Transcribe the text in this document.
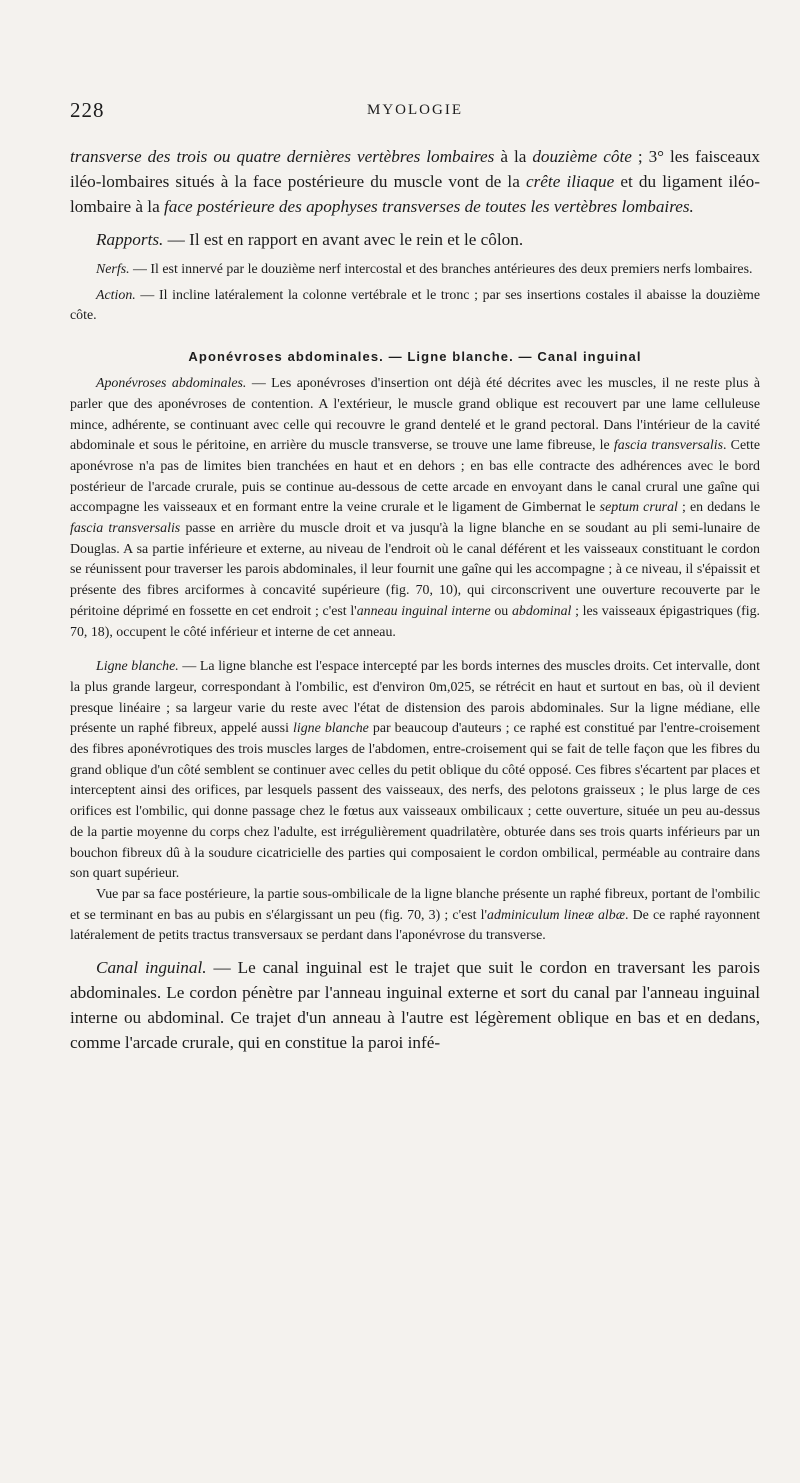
228	MYOLOGIE

transverse des trois ou quatre dernières vertèbres lombaires à la douzième côte ; 3° les faisceaux iléo-lombaires situés à la face postérieure du muscle vont de la crête iliaque et du ligament iléo-lombaire à la face postérieure des apophyses transverses de toutes les vertèbres lombaires.

Rapports. — Il est en rapport en avant avec le rein et le côlon.

Nerfs. — Il est innervé par le douzième nerf intercostal et des branches antérieures des deux premiers nerfs lombaires.

Action. — Il incline latéralement la colonne vertébrale et le tronc ; par ses insertions costales il abaisse la douzième côte.

Aponévroses abdominales. — Ligne blanche. — Canal inguinal

Aponévroses abdominales. — Les aponévroses d'insertion ont déjà été décrites avec les muscles, il ne reste plus à parler que des aponévroses de contention. A l'extérieur, le muscle grand oblique est recouvert par une lame celluleuse mince, adhérente, se continuant avec celle qui recouvre le grand dentelé et le grand pectoral. Dans l'intérieur de la cavité abdominale et sous le péritoine, en arrière du muscle transverse, se trouve une lame fibreuse, le fascia transversalis. Cette aponévrose n'a pas de limites bien tranchées en haut et en dehors ; en bas elle contracte des adhérences avec le bord postérieur de l'arcade crurale, puis se continue au-dessous de cette arcade en envoyant dans le canal crural une gaîne qui accompagne les vaisseaux et en formant entre la veine crurale et le ligament de Gimbernat le septum crural ; en dedans le fascia transversalis passe en arrière du muscle droit et va jusqu'à la ligne blanche en se soudant au pli semi-lunaire de Douglas. A sa partie inférieure et externe, au niveau de l'endroit où le canal déférent et les vaisseaux constituant le cordon se réunissent pour traverser les parois abdominales, il leur fournit une gaîne qui les accompagne ; à ce niveau, il s'épaissit et présente des fibres arciformes à concavité supérieure (fig. 70, 10), qui circonscrivent une ouverture recouverte par le péritoine déprimé en fossette en cet endroit ; c'est l'anneau inguinal interne ou abdominal ; les vaisseaux épigastriques (fig. 70, 18), occupent le côté inférieur et interne de cet anneau.

Ligne blanche. — La ligne blanche est l'espace intercepté par les bords internes des muscles droits. Cet intervalle, dont la plus grande largeur, correspondant à l'ombilic, est d'environ 0m,025, se rétrécit en haut et surtout en bas, où il devient presque linéaire ; sa largeur varie du reste avec l'état de distension des parois abdominales. Sur la ligne médiane, elle présente un raphé fibreux, appelé aussi ligne blanche par beaucoup d'auteurs ; ce raphé est constitué par l'entre-croisement des fibres aponévrotiques des trois muscles larges de l'abdomen, entre-croisement qui se fait de telle façon que les fibres du grand oblique d'un côté semblent se continuer avec celles du petit oblique du côté opposé. Ces fibres s'écartent par places et interceptent ainsi des orifices, par lesquels passent des vaisseaux, des nerfs, des pelotons graisseux ; le plus large de ces orifices est l'ombilic, qui donne passage chez le fœtus aux vaisseaux ombilicaux ; cette ouverture, située un peu au-dessus de la partie moyenne du corps chez l'adulte, est irrégulièrement quadrilatère, obturée dans ses trois quarts inférieurs par un bouchon fibreux dû à la soudure cicatricielle des parties qui composaient le cordon ombilical, perméable au contraire dans son quart supérieur.

Vue par sa face postérieure, la partie sous-ombilicale de la ligne blanche présente un raphé fibreux, portant de l'ombilic et se terminant en bas au pubis en s'élargissant un peu (fig. 70, 3) ; c'est l'adminiculum lineæ albæ. De ce raphé rayonnent latéralement de petits tractus transversaux se perdant dans l'aponévrose du transverse.

Canal inguinal. — Le canal inguinal est le trajet que suit le cordon en traversant les parois abdominales. Le cordon pénètre par l'anneau inguinal externe et sort du canal par l'anneau inguinal interne ou abdominal. Ce trajet d'un anneau à l'autre est légèrement oblique en bas et en dedans, comme l'arcade crurale, qui en constitue la paroi infé-
